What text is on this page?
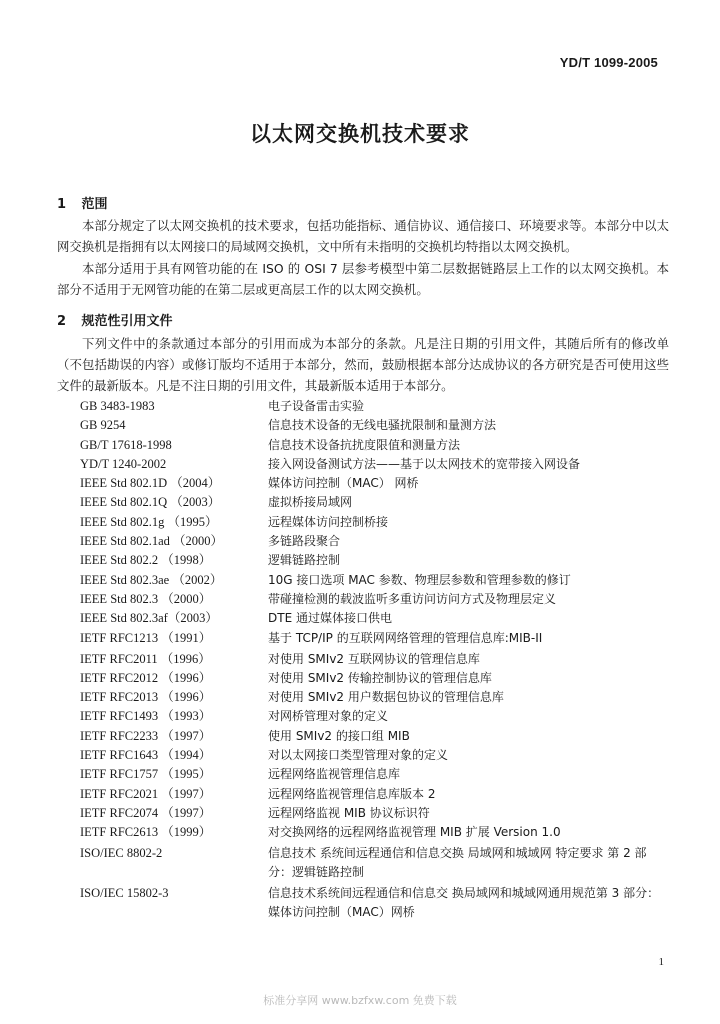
YD/T 1099-2005
以太网交换机技术要求
1 范围
本部分规定了以太网交换机的技术要求，包括功能指标、通信协议、通信接口、环境要求等。本部分中以太网交换机是指拥有以太网接口的局域网交换机，文中所有未指明的交换机均特指以太网交换机。
本部分适用于具有网管功能的在 ISO 的 OSI 7 层参考模型中第二层数据链路层上工作的以太网交换机。本部分不适用于无网管功能的在第二层或更高层工作的以太网交换机。
2 规范性引用文件
下列文件中的条款通过本部分的引用而成为本部分的条款。凡是注日期的引用文件，其随后所有的修改单（不包括勘误的内容）或修订版均不适用于本部分，然而，鼓励根据本部分达成协议的各方研究是否可使用这些文件的最新版本。凡是不注日期的引用文件，其最新版本适用于本部分。
GB 3483-1983	电子设备雷击实验
GB 9254	信息技术设备的无线电骚扰限制和量测方法
GB/T 17618-1998	信息技术设备抗扰度限值和测量方法
YD/T 1240-2002	接入网设备测试方法——基于以太网技术的宽带接入网设备
IEEE Std 802.1D （2004）	媒体访问控制（MAC） 网桥
IEEE Std 802.1Q （2003）	虚拟桥接局域网
IEEE Std 802.1g （1995）	远程媒体访问控制桥接
IEEE Std 802.1ad （2000）	多链路段聚合
IEEE Std 802.2 （1998）	逻辑链路控制
IEEE Std 802.3ae （2002）	10G 接口选项 MAC 参数、物理层参数和管理参数的修订
IEEE Std 802.3 （2000）	带碰撞检测的载波监听多重访问访问方式及物理层定义
IEEE Std 802.3af（2003）	DTE 通过媒体接口供电
IETF RFC1213 （1991）	基于 TCP/IP 的互联网网络管理的管理信息库:MIB-II
IETF RFC2011 （1996）	对使用 SMIv2 互联网协议的管理信息库
IETF RFC2012 （1996）	对使用 SMIv2 传输控制协议的管理信息库
IETF RFC2013 （1996）	对使用 SMIv2 用户数据包协议的管理信息库
IETF RFC1493 （1993）	对网桥管理对象的定义
IETF RFC2233 （1997）	使用 SMIv2 的接口组 MIB
IETF RFC1643 （1994）	对以太网接口类型管理对象的定义
IETF RFC1757 （1995）	远程网络监视管理信息库
IETF RFC2021 （1997）	远程网络监视管理信息库版本 2
IETF RFC2074 （1997）	远程网络监视 MIB 协议标识符
IETF RFC2613 （1999）	对交换网络的远程网络监视管理 MIB 扩展 Version 1.0
ISO/IEC 8802-2	信息技术 系统间远程通信和信息交换 局域网和城域网 特定要求 第 2 部分：逻辑链路控制
ISO/IEC 15802-3	信息技术系统间远程通信和信息交 换局域网和城域网通用规范第 3 部分：媒体访问控制（MAC）网桥
1
标准分享网 www.bzfxw.com 免费下载
